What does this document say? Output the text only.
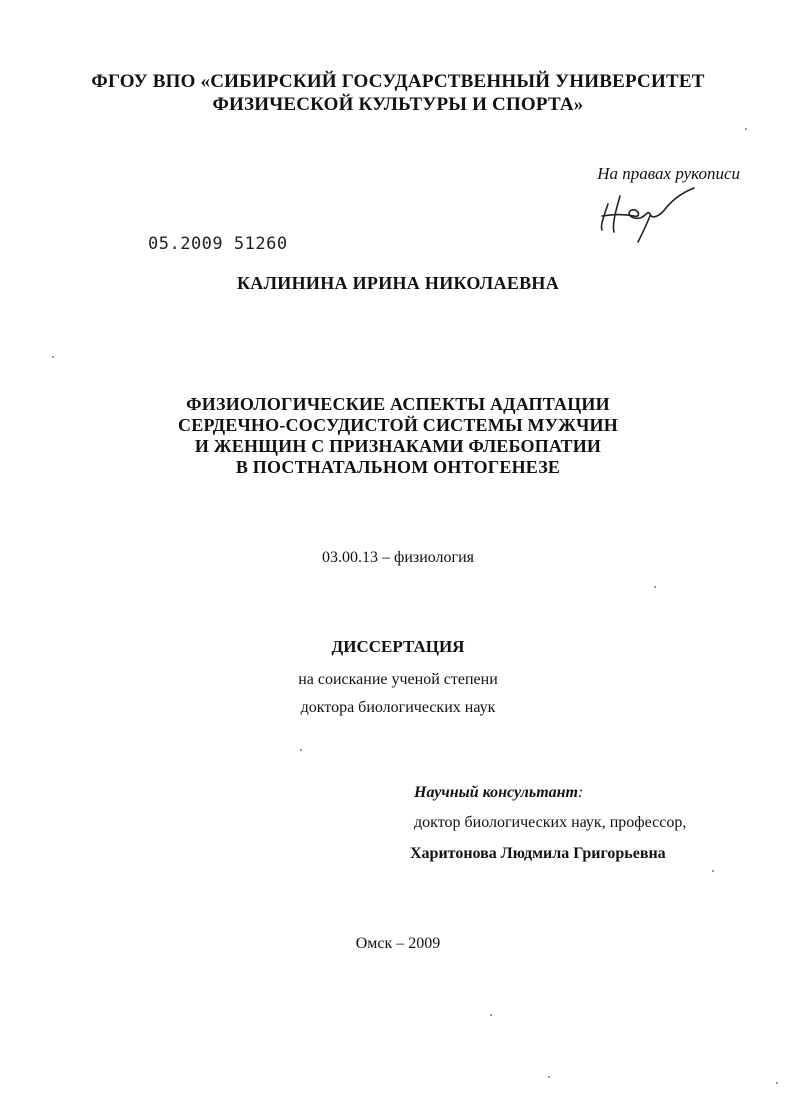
ФГОУ ВПО «СИБИРСКИЙ ГОСУДАРСТВЕННЫЙ УНИВЕРСИТЕТ
ФИЗИЧЕСКОЙ КУЛЬТУРЫ И СПОРТА»
На правах рукописи
05.2009 51260
КАЛИНИНА ИРИНА НИКОЛАЕВНА
ФИЗИОЛОГИЧЕСКИЕ АСПЕКТЫ АДАПТАЦИИ
СЕРДЕЧНО-СОСУДИСТОЙ СИСТЕМЫ МУЖЧИН
И ЖЕНЩИН С ПРИЗНАКАМИ ФЛЕБОПАТИИ
В ПОСТНАТАЛЬНОМ ОНТОГЕНЕЗЕ
03.00.13 – физиология
ДИССЕРТАЦИЯ
на соискание ученой степени
доктора биологических наук
Научный консультант:
доктор биологических наук, профессор,
Харитонова Людмила Григорьевна
Омск – 2009
